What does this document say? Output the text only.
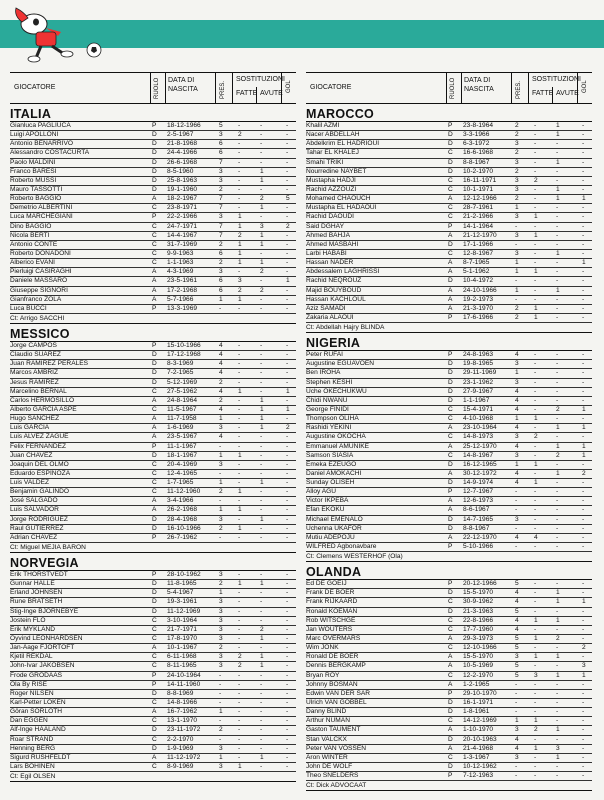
GIOCATORE	RUOLO DATA DI
NASCITA	PRES.
SOSTITUZIONI
FATTE AVUTE
GOL
ITALIA
Gianluca PAGLIUCA	P 18-12-1966	5 -	-	-
Luigi APOLLONI	D 2-5-1967	3 2	-	-
Antonio BENARRIVO	D 21-8-1968	6 -	-	-
Alessandro COSTACURTA	D 24-4-1966	6 -	-	-
Paolo MALDINI	D 26-6-1968	7 -	-	-
Franco BARESI	D 8-5-1960	3 -	1	-
Roberto MUSSI	D 25-8-1963	3 -	1	-
Mauro TASSOTTI	D 19-1-1960	2 -	-	-
Roberto BAGGIO	A 18-2-1967	7 -	2	5
Demetrio ALBERTINI	C 23-8-1971	7 -	1	-
Luca MARCHEGIANI	P 22-2-1966	3 1	-	-
Dino BAGGIO	C 24-7-1971	7 1	3	2
Nicola BERTI	C 14-4-1967	7 2	1	-
Antonio CONTE	C 31-7-1969	2 1	1	-
Roberto DONADONI	C 9-9-1963	6 1	-	-
Alberico EVANI	C 1-1-1963	2 1	1	-
Pierluigi CASIRAGHI	A 4-3-1969	3 -	2	-
Daniele MASSARO	A 23-5-1961	6 3	-	1
Giuseppe SIGNORI	A 17-2-1968	6 2	2	-
Gianfranco ZOLA	A 5-7-1966	1 1	-	-
Luca BUCCI	P 13-3-1969	-	-	-	-
Ct: Arrigo SACCHI
MESSICO
Jorge CAMPOS	P 15-10-1966	4 -	-	-
Claudio SUAREZ	D 17-12-1968	4 -	-	-
Juan RAMIREZ PERALES	D 8-3-1969	4 -	-	-
Marcos AMBRIZ	D 7-2-1965	4 -	-	-
Jesus RAMIREZ	D 5-12-1969	2 -	-	-
Marcelino BERNAL	C 27-5-1962	4 1	-	1
Carlos HERMOSILLO	A 24-8-1964	2 -	1	-
Alberto GARCIA ASPE	C 11-5-1967	4 -	1	1
Hugo SANCHEZ	A 11-7-1958	1 -	1	-
Luis GARCIA	A 1-6-1969	3 -	1	2
Luis ALVEZ ZAGUE	A 23-5-1967	4 -	-	-
Felix FERNANDEZ	P 11-1-1967	-	-	-	-
Juan CHAVEZ	D 18-1-1967	1 1	-	-
Joaquin DEL OLMO	C 20-4-1969	3 -	-	-
Eduardo ESPINOZA	C 12-4-1965	-	-	-	-
Luis VALDEZ	C 1-7-1965	1 -	1	-
Benjamin GALINDO	C 11-12-1960	2 1	-	-
José SALGADO	A 3-4-1966	-	-	-	-
Luis SALVADOR	A 26-2-1968	1 1	-	-
Jorge RODRIGUEZ	D 28-4-1968	3 -	1	-
Raul GUTIERREZ	D 16-10-1966	2 1	-	-
Adrian CHAVEZ	P 26-7-1962	-	-	-	-
Ct: Miguel MEJIA BARON
NORVEGIA
Erik THORSTVEDT	P 28-10-1962	3 -	-	-
Gunnar HALLE	D 11-8-1965	2 1	1	-
Erland JOHNSEN	D 5-4-1967	1 -	-	-
Rune BRATSETH	D 19-3-1961	3 -	-	-
Stig-Inge BJORNEBYE	D 11-12-1969	3 -	-	-
Jostein FLO	C 3-10-1964	3 -	-	-
Erik MYKLAND	C 21-7-1971	3 -	2	-
Oyvind LEONHARDSEN	C 17-8-1970	3 -	1	-
Jan-Aage FJORTOFT	A 10-1-1967	2 -	-	-
Kjetil REKDAL	C 6-11-1968	3 2	1	-
John-Ivar JAKOBSEN	C 8-11-1965	3 2	1	-
Frode GRODAAS	P 24-10-1964	-	-	-	-
Ola By RISE	P 14-11-1960	-	-	-	-
Roger NILSEN	D 8-8-1969	-	-	-	-
Karl-Petter LOKEN	C 14-8-1966	-	-	-	-
Göran SORLOTH	A 16-7-1962	1 -	-	-
Dan EGGEN	C 13-1-1970	-	-	-	-
Alf-Inge HAALAND	D 23-11-1972	2 -	-	-
Roar STRAND	C 2-2-1970	-	-	-	-
Henning BERG	D 1-9-1969	3 -	-	-
Sigurd RUSHFELDT	A 11-12-1972	1 -	1	-
Lars BOHINEN	C 8-9-1969	3 1	-	-
Ct: Egil OLSEN
GIOCATORE	RUOLO DATA DI
NASCITA	PRES.
SOSTITUZIONI
FATTE AVUTE
GOL
MAROCCO
Khalil AZMI	P 23-8-1964	2 -	1	-
Nacer ABDELLAH	D 3-3-1966	2 -	1	-
Abdelkrim EL HADRIOUI	D 6-3-1972	3 -	-	-
Tahar EL KHALEJ	C 16-6-1968	2 -	-	-
Smahi TRIKI	D 8-8-1967	3 -	1	-
Nourredine NAYBET	D 10-2-1970	2 -	-	-
Mustapha HADJI	C 16-11-1971	3 2	-	-
Rachid AZZOUZI	C 10-1-1971	3 -	1	-
Mohamed CHAOUCH	A 12-12-1966	2 -	1	1
Mustapha EL HADAOUI	C 28-7-1961	1 -	-	-
Rachid DAOUDI	C 21-2-1966	3 1	-	-
Said DGHAY	P 14-1-1964	-	-	-	-
Ahmed BAHJA	A 21-12-1970	3 1	-	-
Ahmed MASBAHI	D 17-1-1966	-	-	-	-
Larbi HABABI	C 12-8-1967	3 -	1	-
Hassan NADER	A 8-7-1965	1 -	-	1
Abdessalem LAGHRISSI	A 5-1-1962	1 1	-	-
Rachid NEQROUZ	D 10-4-1972	-	-	-	-
Majid BOUYBOUD	A 24-10-1966	1 -	1	-
Hassan KACHLOUL	A 19-2-1973	-	-	-	-
Aziz SAMADI	A 21-3-1970	2 1	-	-
Zakaria ALAOUI	P 17-6-1966	2 1	-	-
Ct: Abdellah Hajry BLINDA
NIGERIA
Peter RUFAI	P 24-8-1963	4 -	-	-
Augustine EGUAVOEN	D 19-8-1965	3 -	-	-
Ben IROHA	D 29-11-1969	1 -	-	-
Stephen KESHI	D 23-1-1962	3 -	-	-
Uche OKECHUKWU	D 27-9-1967	4 -	-	-
Chidi NWANU	D 1-1-1967	4 -	-	-
George FINIDI	C 15-4-1971	4 -	2	1
Thompson OLIHA	C 4-10-1968	1 1	-	-
Rashidi YEKINI	A 23-10-1964	4 -	1	1
Augustine OKOCHA	C 14-8-1973	3 2	-	-
Emmanuel AMUNIKE	A 25-12-1970	4 -	1	1
Samson SIASIA	C 14-8-1967	3 -	2	1
Emeka EZEUGO	D 16-12-1965	1 1	-	-
Daniel AMOKACHI	A 30-12-1972	4 -	1	2
Sunday OLISEH	D 14-9-1974	4 1	-	-
Alloy AGU	P 12-7-1967	-	-	-	-
Victor IKPEBA	A 12-6-1973	-	-	-	-
Efan EKOKU	A 8-6-1967	-	-	-	-
Michael EMENALO	D 14-7-1965	3 -	-	-
Uchenna UKAFOR	D 8-8-1967	-	-	-	-
Mutiu ADEPOJU	A 22-12-1970	4 4	-	-
WILFRED Agbonavbare	P 5-10-1966	-	-	-	-
Ct: Clemens WESTERHOF (Ola)
OLANDA
Ed DE GOEIJ	P 20-12-1966	5 -	-	-
Frank DE BOER	D 15-5-1970	4 -	1	-
Frank RIJKAARD	C 30-9-1962	4 -	1	1
Ronald KOEMAN	D 21-3-1963	5 -	-	-
Rob WITSCHGE	C 22-8-1966	4 1	1	-
Jan WOUTERS	C 17-7-1960	4 -	-	-
Marc OVERMARS	A 29-3-1973	5 1	2	-
Wim JONK	C 12-10-1966	5 -	-	2
Ronald DE BOER	A 15-5-1970	3 1	1	-
Dennis BERGKAMP	A 10-5-1969	5 -	-	3
Bryan ROY	C 12-2-1970	5 3	1	1
Johnny BOSMAN	A 1-2-1965	-	-	-	-
Edwin VAN DER SAR	P 29-10-1970	-	-	-	-
Ulrich VAN GOBBEL	D 16-1-1971	-	-	-	-
Danny BLIND	D 1-8-1961	-	-	-	-
Arthur NUMAN	C 14-12-1969	1 1	-	-
Gaston TAUMENT	A 1-10-1970	3 2	1	-
Stan VALCKX	D 20-10-1963	4 -	-	-
Peter VAN VOSSEN	A 21-4-1968	4 1	3	-
Aron WINTER	C 1-3-1967	3 -	1	-
John DE WOLF	D 10-12-1962	-	-	-	-
Theo SNELDERS	P 7-12-1963	-	-	-	-
Ct: Dick ADVOCAAT
